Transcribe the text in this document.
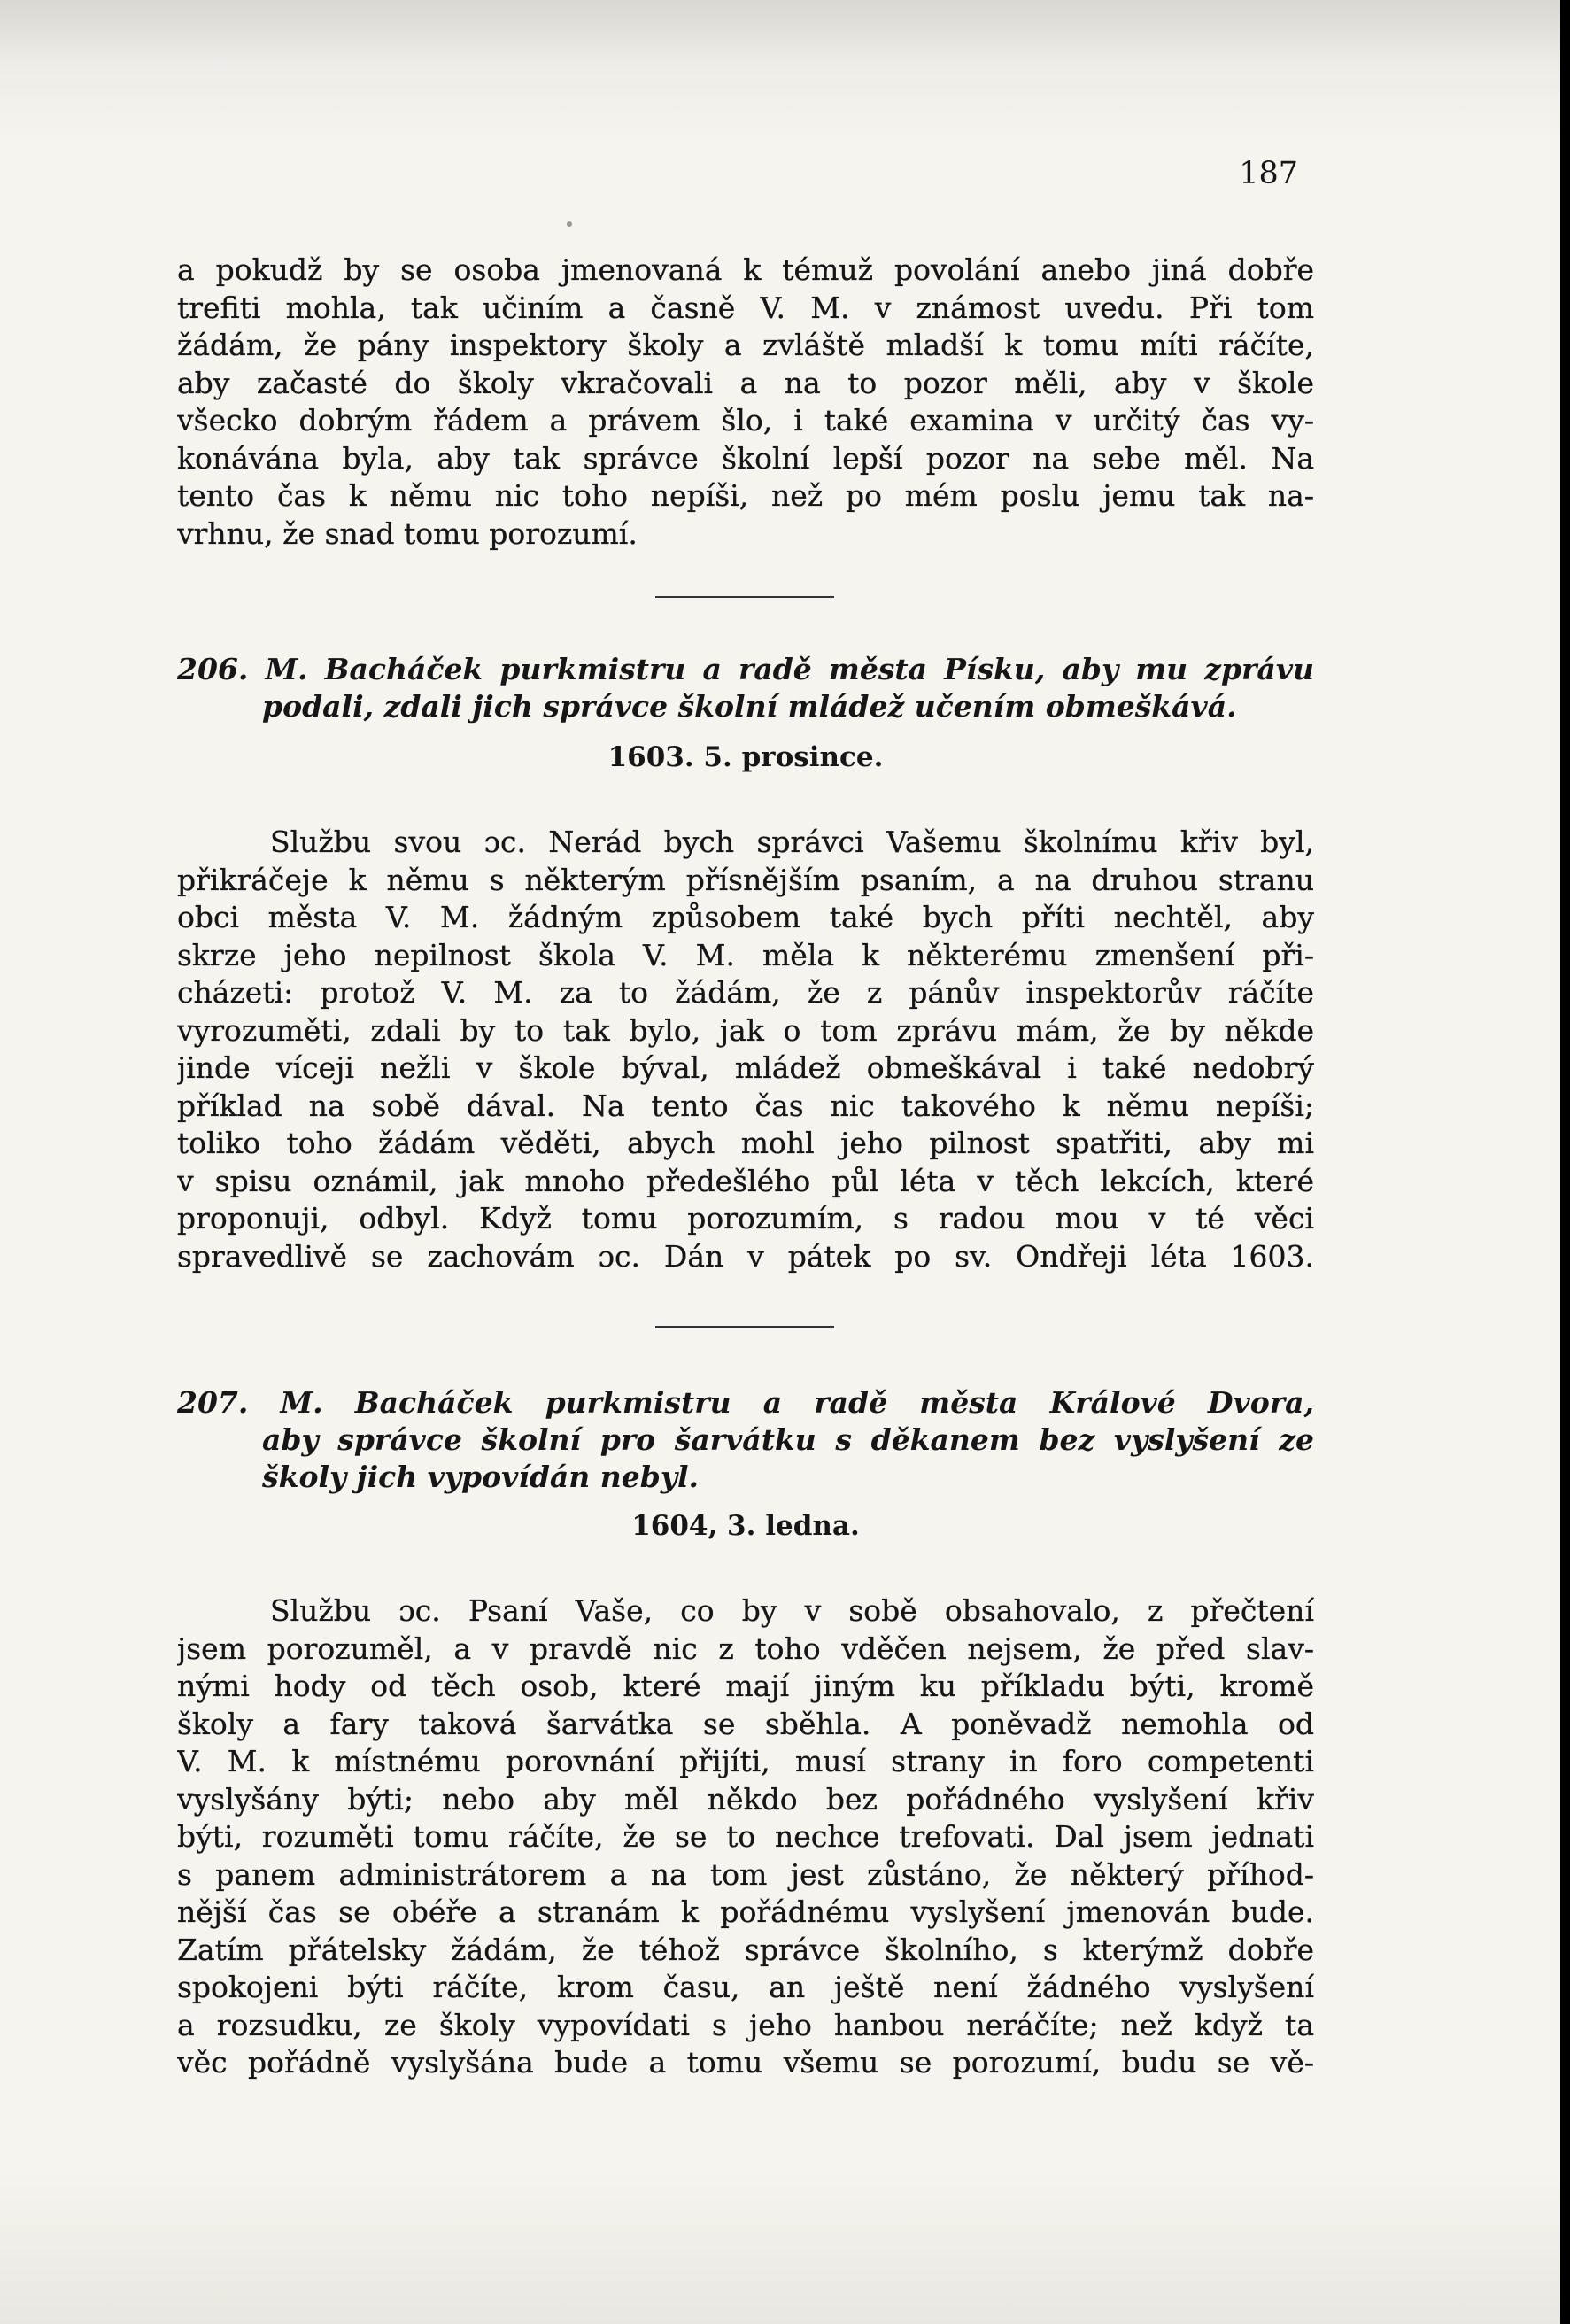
187
a pokudž by se osoba jmenovaná k témuž povolání anebo jiná dobře
trefiti mohla, tak učiním a časně V. M. v známost uvedu. Při tom
žádám, že pány inspektory školy a zvláště mladší k tomu míti ráčíte,
aby začasté do školy vkračovali a na to pozor měli, aby v škole
všecko dobrým řádem a právem šlo, i také examina v určitý čas vy-
konávána byla, aby tak správce školní lepší pozor na sebe měl. Na
tento čas k němu nic toho nepíši, než po mém poslu jemu tak na-
vrhnu, že snad tomu porozumí.
206. M. Bacháček purkmistru a radě města Písku, aby mu zprávu
podali, zdali jich správce školní mládež učením obmeškává.
1603. 5. prosince.
Službu svou ɔc. Nerád bych správci Vašemu školnímu křiv byl,
přikráčeje k němu s některým přísnějším psaním, a na druhou stranu
obci města V. M. žádným způsobem také bych příti nechtěl, aby
skrze jeho nepilnost škola V. M. měla k některému zmenšení při-
cházeti: protož V. M. za to žádám, že z pánův inspektorův ráčíte
vyrozuměti, zdali by to tak bylo, jak o tom zprávu mám, že by někde
jinde víceji nežli v škole býval, mládež obmeškával i také nedobrý
příklad na sobě dával. Na tento čas nic takového k němu nepíši;
toliko toho žádám věděti, abych mohl jeho pilnost spatřiti, aby mi
v spisu oznámil, jak mnoho předešlého půl léta v těch lekcích, které
proponuji, odbyl. Když tomu porozumím, s radou mou v té věci
spravedlivě se zachovám ɔc. Dán v pátek po sv. Ondřeji léta 1603.
207. M. Bacháček purkmistru a radě města Králové Dvora,
aby správce školní pro šarvátku s děkanem bez vyslyšení ze
školy jich vypovídán nebyl.
1604, 3. ledna.
Službu ɔc. Psaní Vaše, co by v sobě obsahovalo, z přečtení
jsem porozuměl, a v pravdě nic z toho vděčen nejsem, že před slav-
nými hody od těch osob, které mají jiným ku příkladu býti, kromě
školy a fary taková šarvátka se sběhla. A poněvadž nemohla od
V. M. k místnému porovnání přijíti, musí strany in foro competenti
vyslyšány býti; nebo aby měl někdo bez pořádného vyslyšení křiv
býti, rozuměti tomu ráčíte, že se to nechce trefovati. Dal jsem jednati
s panem administrátorem a na tom jest zůstáno, že některý příhod-
nější čas se obéře a stranám k pořádnému vyslyšení jmenován bude.
Zatím přátelsky žádám, že téhož správce školního, s kterýmž dobře
spokojeni býti ráčíte, krom času, an ještě není žádného vyslyšení
a rozsudku, ze školy vypovídati s jeho hanbou neráčíte; než když ta
věc pořádně vyslyšána bude a tomu všemu se porozumí, budu se vě-
